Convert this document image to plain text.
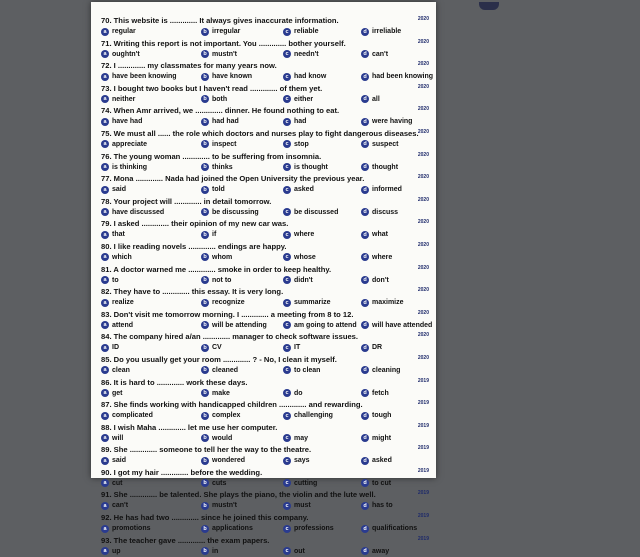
70. This website is ............. It always gives inaccurate information.	2020
a regular	b irregular	c reliable	d irreliable
71. Writing this report is not important. You ............. bother yourself.	2020
a oughtn't	b mustn't	c needn't	d can't
72. I ............. my classmates for many years now.	2020
a have been knowing	b have known	c had know	d had been knowing
73. I bought two books but I haven't read ............. of them yet.	2020
a neither	b both	c either	d all
74. When Amr arrived, we ............. dinner. He found nothing to eat.	2020
a have had	b had had	c had	d were having
75. We must all ...... the role which doctors and nurses play to fight dangerous diseases. 2020
a appreciate	b inspect	c stop	d suspect
76. The young woman ............. to be suffering from insomnia.	2020
a is thinking	b thinks	c is thought	d thought
77. Mona ............. Nada had joined the Open University the previous year.	2020
a said	b told	c asked	d informed
78. Your project will ............. in detail tomorrow.	2020
a have discussed	b be discussing	c be discussed	d discuss
79. I asked ............. their opinion of my new car was.	2020
a that	b if	c where	d what
80. I like reading novels ............. endings are happy.	2020
a which	b whom	c whose	d where
81. A doctor warned me ............. smoke in order to keep healthy.	2020
a to	b not to	c didn't	d don't
82. They have to ............. this essay. It is very long.	2020
a realize	b recognize	c summarize	d maximize
83. Don't visit me tomorrow morning. I ............. a meeting from 8 to 12.	2020
a attend	b will be attending	c am going to attend	d will have attended
84. The company hired a/an ............. manager to check software issues.	2020
a ID	b CV	c IT	d DR
85. Do you usually get your room ............. ? - No, I clean it myself.	2020
a clean	b cleaned	c to clean	d cleaning
86. It is hard to ............. work these days.	2019
a get	b make	c do	d fetch
87. She finds working with handicapped children ............. and rewarding.	2019
a complicated	b complex	c challenging	d tough
88. I wish Maha ............. let me use her computer.	2019
a will	b would	c may	d might
89. She ............. someone to tell her the way to the theatre.	2019
a said	b wondered	c says	d asked
90. I got my hair ............. before the wedding.	2019
a cut	b cuts	c cutting	d to cut
91. She ............. be talented. She plays the piano, the violin and the lute well.	2019
a can't	b mustn't	c must	d has to
92. He has had two ............. since he joined this company.	2019
a promotions	b applications	c professions	d qualifications
93. The teacher gave ............. the exam papers.	2019
a up	b in	c out	d away
